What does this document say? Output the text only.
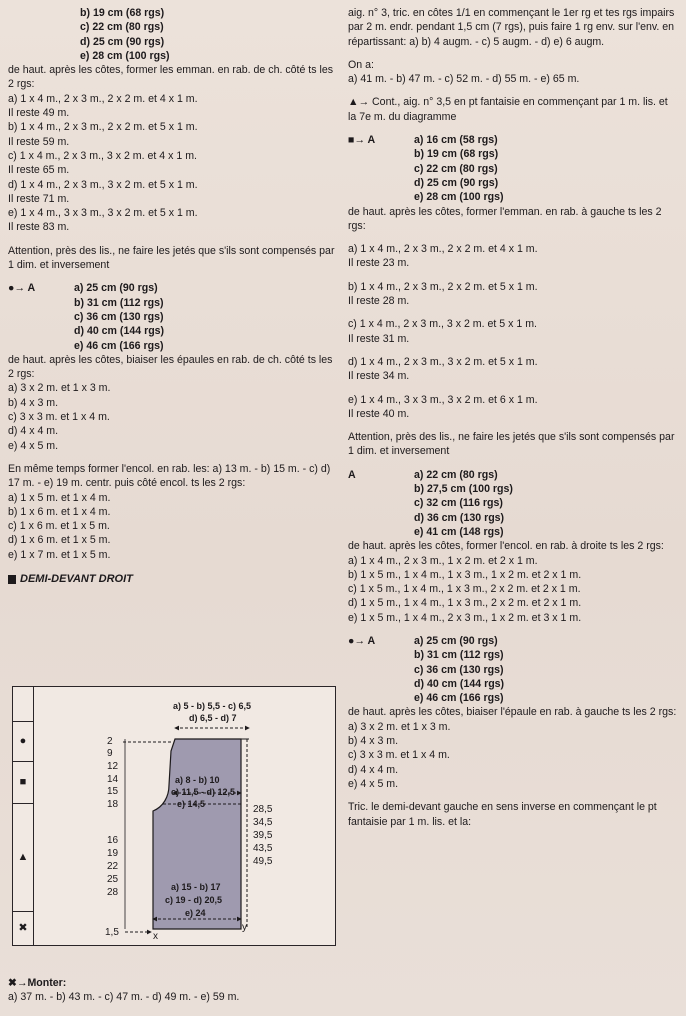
b) 19 cm (68 rgs)
c) 22 cm (80 rgs)
d) 25 cm (90 rgs)
e) 28 cm (100 rgs)
de haut. après les côtes, former les emman. en rab. de ch. côté ts les 2 rgs:
a) 1 x 4 m., 2 x 3 m., 2 x 2 m. et 4 x 1 m.
Il reste 49 m.
b) 1 x 4 m., 2 x 3 m., 2 x 2 m. et 5 x 1 m.
Il reste 59 m.
c) 1 x 4 m., 2 x 3 m., 3 x 2 m. et 4 x 1 m.
Il reste 65 m.
d) 1 x 4 m., 2 x 3 m., 3 x 2 m. et 5 x 1 m.
Il reste 71 m.
e) 1 x 4 m., 3 x 3 m., 3 x 2 m. et 5 x 1 m.
Il reste 83 m.
Attention, près des lis., ne faire les jetés que s'ils sont compensés par 1 dim. et inversement
●→ A	a) 25 cm (90 rgs)
b) 31 cm (112 rgs)
c) 36 cm (130 rgs)
d) 40 cm (144 rgs)
e) 46 cm (166 rgs)
de haut. après les côtes, biaiser les épaules en rab. de ch. côté ts les 2 rgs:
a) 3 x 2 m. et 1 x 3 m.
b) 4 x 3 m.
c) 3 x 3 m. et 1 x 4 m.
d) 4 x 4 m.
e) 4 x 5 m.
En même temps former l'encol. en rab. les: a) 13 m. - b) 15 m. - c) d) 17 m. - e) 19 m. centr. puis côté encol. ts les 2 rgs:
a) 1 x 5 m. et 1 x 4 m.
b) 1 x 6 m. et 1 x 4 m.
c) 1 x 6 m. et 1 x 5 m.
d) 1 x 6 m. et 1 x 5 m.
e) 1 x 7 m. et 1 x 5 m.
DEMI-DEVANT DROIT
●
■
▲
✖
a) 5 - b) 5,5 - c) 6,5
d) 6,5 - d) 7
2
9
12
14
15
18
16
19
22
25
28
28,5
34,5
39,5
43,5
49,5
a) 8 - b) 10
c) 11,5 - d) 12,5
e) 14,5
a) 15 - b) 17
c) 19 - d) 20,5
e) 24
1,5	x
y
✖→Monter:
a) 37 m. - b) 43 m. - c) 47 m. - d) 49 m. - e) 59 m.
aig. n° 3, tric. en côtes 1/1 en commençant le 1er rg et tes rgs impairs par 2 m. endr. pendant 1,5 cm (7 rgs), puis faire 1 rg env. sur l'env. en répartissant: a) b) 4 augm. - c) 5 augm. - d) e) 6 augm.
On a:
a) 41 m. - b) 47 m. - c) 52 m. - d) 55 m. - e) 65 m.
▲→ Cont., aig. n° 3,5 en pt fantaisie en commençant par 1 m. lis. et la 7e m. du diagramme
■→ A	a) 16 cm (58 rgs)
b) 19 cm (68 rgs)
c) 22 cm (80 rgs)
d) 25 cm (90 rgs)
e) 28 cm (100 rgs)
de haut. après les côtes, former l'emman. en rab. à gauche ts les 2 rgs:
a) 1 x 4 m., 2 x 3 m., 2 x 2 m. et 4 x 1 m.
Il reste 23 m.
b) 1 x 4 m., 2 x 3 m., 2 x 2 m. et 5 x 1 m.
Il reste 28 m.
c) 1 x 4 m., 2 x 3 m., 3 x 2 m. et 5 x 1 m.
Il reste 31 m.
d) 1 x 4 m., 2 x 3 m., 3 x 2 m. et 5 x 1 m.
Il reste 34 m.
e) 1 x 4 m., 3 x 3 m., 3 x 2 m. et 6 x 1 m.
Il reste 40 m.
Attention, près des lis., ne faire les jetés que s'ils sont compensés par 1 dim. et inversement
A	a) 22 cm (80 rgs)
b) 27,5 cm (100 rgs)
c) 32 cm (116 rgs)
d) 36 cm (130 rgs)
e) 41 cm (148 rgs)
de haut. après les côtes, former l'encol. en rab. à droite ts les 2 rgs:
a) 1 x 4 m., 2 x 3 m., 1 x 2 m. et 2 x 1 m.
b) 1 x 5 m., 1 x 4 m., 1 x 3 m., 1 x 2 m. et 2 x 1 m.
c) 1 x 5 m., 1 x 4 m., 1 x 3 m., 2 x 2 m. et 2 x 1 m.
d) 1 x 5 m., 1 x 4 m., 1 x 3 m., 2 x 2 m. et 2 x 1 m.
e) 1 x 5 m., 1 x 4 m., 2 x 3 m., 1 x 2 m. et 3 x 1 m.
●→ A	a) 25 cm (90 rgs)
b) 31 cm (112 rgs)
c) 36 cm (130 rgs)
d) 40 cm (144 rgs)
e) 46 cm (166 rgs)
de haut. après les côtes, biaiser l'épaule en rab. à gauche ts les 2 rgs:
a) 3 x 2 m. et 1 x 3 m.
b) 4 x 3 m.
c) 3 x 3 m. et 1 x 4 m.
d) 4 x 4 m.
e) 4 x 5 m.
Tric. le demi-devant gauche en sens inverse en commençant le pt fantaisie par 1 m. lis. et la:
